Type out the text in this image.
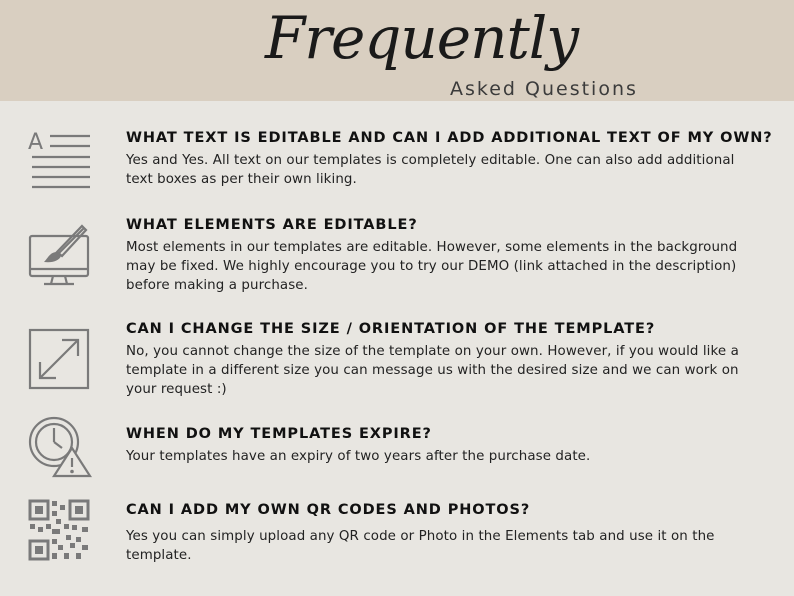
Frequently
Asked Questions
A	WHAT TEXT IS EDITABLE AND CAN I ADD ADDITIONAL TEXT OF MY OWN?
Yes and Yes. All text on our templates is completely editable. One can also add additional text boxes as per their own liking.
WHAT ELEMENTS ARE EDITABLE?
Most elements in our templates are editable. However, some elements in the background may be fixed. We highly encourage you to try our DEMO (link attached in the description) before making a purchase.
CAN I CHANGE THE SIZE / ORIENTATION OF THE TEMPLATE?
No, you cannot change the size of the template on your own. However, if you would like a template in a different size you can message us with the desired size and we can work on your request :)
WHEN DO MY TEMPLATES EXPIRE?
Your templates have an expiry of two years after the purchase date.
CAN I ADD MY OWN QR CODES AND PHOTOS?
Yes you can simply upload any QR code or Photo in the Elements tab and use it on the template.
